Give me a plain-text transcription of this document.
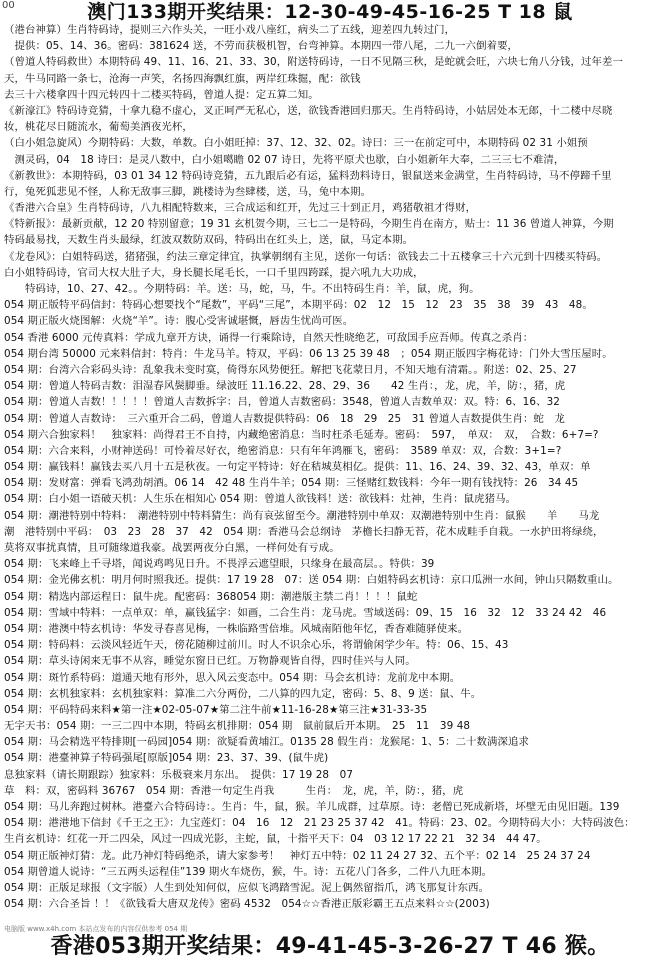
00	澳门133期开奖结果：12-30-49-45-16-25 T 18 鼠
（港台神算）生肖特码诗，提则三六作头关，一旺小戏八座红，病头二了五线，迎差四九转过门，
　提供：05、14、36。密码：381624 送，不劳而获极机智，台弯神算。本期四一带八尾，二九一六倒着要，
（曾道人特码救世）本期特码 49、11、16、21、33、30，附送特码诗，一日不见隔三秋，是蛇就会旺，六块七角八分钱，过年差一
天，牛马同路一条七，沧海一声笑，名扬四海飘红旗，两岸红珠掘，配：欲钱
去三十六楼拿四十四元转四十二楼买特码，曾道人提：定五算二知。
《新濠江》特码诗竞猜，十拿九稳不虚心，叉正呵严无私心，送，欲钱香港回归那天。生肖特码诗，小姑居处本无郎，十二楼中尽晓
妆，桃花尽日随流水，葡萄美酒夜光杯，
（白小姐急旋风）今期特码：大数，单数。白小姐旺掉：37、12、32、02。诗曰：三一在前定可中，本期特码 02 31 小姐预
　测灵码，04　18 诗曰：是灵八数中，白小姐噶瞻 02 07 诗日，先将平原犬也歇，白小姐新年大奉，二三三七不难清，
《新教世》：本期特码，03 01 34 12 特码诗竞猜，五九跟后必有运，猛料劲料诗日，银鼠送来金满堂，生肖特码诗，马不停蹄千里
行，兔死狐悲见不怪，人称无敌事三脚，跳楼诗为叁肆楼，送，马，兔中本期。
《香港六合皇》生肖特码诗，八九相配特数来，三合成运和红开，先过三十到正月，鸡猪敬祖才得财，
《特新报》：最新贡献，12 20 特别留意；19 31 玄机贺今期，三七二一是特码，今期生肖在南方，贴士：11 36 曾道人神算，今期
特码最易找，天数生肖头最绿，红波双数防双码，特码出在红头上，送，鼠，马定本期。
《龙卷风》：白姐特码送，猪猪强，约法三章定律宜，执掌朝纲有主见，送你一句话：欲钱去二十五楼拿三十六元到十四楼买特码。
白小姐特码诗，官司大权大肚子大，身长腿长尾毛长，一口千里四跨踩，提六吼九大功成，
　　特码诗，10、27、42。。今期特码：羊。送：马，蛇，马，牛。不出特码生肖：羊，鼠，虎，狗。
054 期正版特平码信封：特码心想要找个“尾数”，平码“三尾”，本期平码：02　12　15　12　23　35　38　39　43　48。
054 期正版火烧图解：火烧“羊”。诗：腹心受害诚堪慨，唇齿生忧尚可医。
054 香港 6000 元传真料：学成九章开方诀，诵得一行乘除诗，自然天性晓绝艺，可敌国手应吾师。传真之杀肖：
054 期台湾 50000 元来料信封：特肖：牛龙马羊。特双，平码：06 13 25 39 48　；054 期正版四字梅花诗：门外大雪压屋时。
054 期：台湾六合彩码头诗：乱象我未变时寞，倚得东风势便狂。解把飞花蒙日月，不知天地有清霜。。附送：02、25、27
054 期：曾道人特码吉数：泪湿春风鬓脚垂。绿波旺 11.16.22、28、29、36　　42 生肖：，龙，虎，羊，防：，猪，虎
054 期：曾道人吉数！！！！！曾道人吉数拆字：吕，曾道人吉数密码：3548，曾道人吉数单双：双。特：6、16、32
054 期：曾道人吉数诗：　三六重开合二码，曾道人吉数提供特码：06　18　29　25　31 曾道人吉数提供生肖：蛇　龙
054 期六合独家料！　独家料：尚得君王不自持，内藏绝密消息：当时枉杀毛延寿。密码：　597，　单双：　双，　合数：6+7=?
054 期：六合来料，小财神送码！可怜着尽好衣，绝密消息：只有年年鸿雁飞，密码：　3589 单双：双，合数：3+1=?
054 期：赢钱料！赢钱去买八月十五是秋夜。一句定平特诗：好在秸城莫相亿。提供：11、16、24、39、32、43，单双：单
054 期：发财富：弹看飞鸿劲胡酒。06 14　42 48 生肖牛羊；054 期：三怪赌红数钱料：今年一期有钱找特：26　34 45
054 期：白小姐一语破天机：人生乐在相知心 054 期：曾道人欲钱料！送：欲钱料：灶神，生肖：鼠虎猪马。
054 期：潮港特别中特料：　潮港特别中特料猜生：尚有哀弦留至今。潮港特别中单双：双潮港特别中生肖：鼠猴　　羊　　马龙
潮　港特别中平码：　03　23　28　37　42　054 期：香港马会总纲诗　茅檐长扫静无苔，花木成畦手自栽。一水护田将绿绕，
莫将双事扰真情，且可随缘道我豪。战罢两夜分白黑，一样何处有亏成。
054 期：飞来峰上千寻塔，闻说鸡鸣见日升。不畏浮云遮望眼，只缘身在最高层。。特供：39
054 期：金光佛玄机：明月何时照我还。提供：17 19 28　07：送 054 期：白姐特码玄机诗：京口瓜洲一水间，钟山只隔数重山。
054 期：精选内部运程日：鼠牛虎。配密码：368054 期：潮港版主禁二肖！！！！鼠蛇
054 期：雪域中特料：一点单双：单，赢钱猛字：如画，二合生肖：龙马虎。雪域送码：09、15　16　32　12　33 24 42　46
054 期：港澳中特玄机诗：华发寻春喜见梅，一株临路雪倍堆。风城南陌他年忆，香杳难随驿使来。
054 期：特码料：云淡风轻近午天，傍花随柳过前川。时人不识余心乐，将谓偷闲学少年。特：06、15、43
054 期：草头诗闲来无事不从容，睡觉东窗日已红。万物静观皆自得，四时佳兴与人同。
054 期：斑竹系特码：道通天地有形外，思入风云变态中。054 期：马会玄机诗：龙前龙中本期。
054 期：玄机独家料：玄机独家料：算准二六分两份，二八算的四九定，密码：5、8、9 送：鼠、牛。
054 期：平码特码来料★第一注★02-05-07★第二注牛前★11-16-28★第三注★31-33-35
无字天书：054 期：一三二四中本期，特码玄机排期：054 期　鼠前鼠后开本期。　25　11　39 48
054 期：马会精选平特排期[一码园]054 期：欲疑看黄埔江。0135 28 假生肖：龙猴尾：1、5：二十数满深追求
054 期：港臺神算子特码强尾[原版]054 期：23、37、39、(鼠牛虎)
息独家料（请长期跟踪）独家料：乐极衰来月东出。　提供：17 19 28　07
草　料：双，密码料 36767　054 期：香港一句定生肖我　　　生肖：　龙，虎，羊，防：，猪，虎
054 期：马儿奔跑过树林。港臺六合特码诗：。生肖：牛，鼠，猴。羊儿成群，过草原。诗：老僧已死成新塔，坏壁无由见旧题。139
054 期：港港地下信封《千王之王》：九宝莲灯：04　16　12　21 23 25 37 42　41。特码：23、02。今期特码大小：大特码波色：
生肖玄机诗：红花一开二四朵，风过一四成光影，主蛇，鼠，十指平天下：04　03 12 17 22 21　32 34　44 47。
054 期正版神灯猜：龙。此乃神灯特码绝杀，请大家参考！　神灯五中特：02 11 24 27 32、五个平：02 14　25 24 37 24
054 期曾道人说诗：“三五两头运程佳”139 期火车烧伤，猴，牛。诗：五花八门各多，二件八九旺本期。
054 期：正版足球报（文字版）人生到处知何似，应似飞鸿踏雪泥。泥上偶然留指爪，鸿飞那复计东西。
054 期：六合圣旨 ！！《欲钱看大唐双龙传》密码 4532　054☆☆香港正版彩霸王五点来料☆☆(2003)
电脑版 www.x4h.com 本站点发布的内容仅供参考 054 期
香港053期开奖结果：49-41-45-3-26-27 T 46 猴。
